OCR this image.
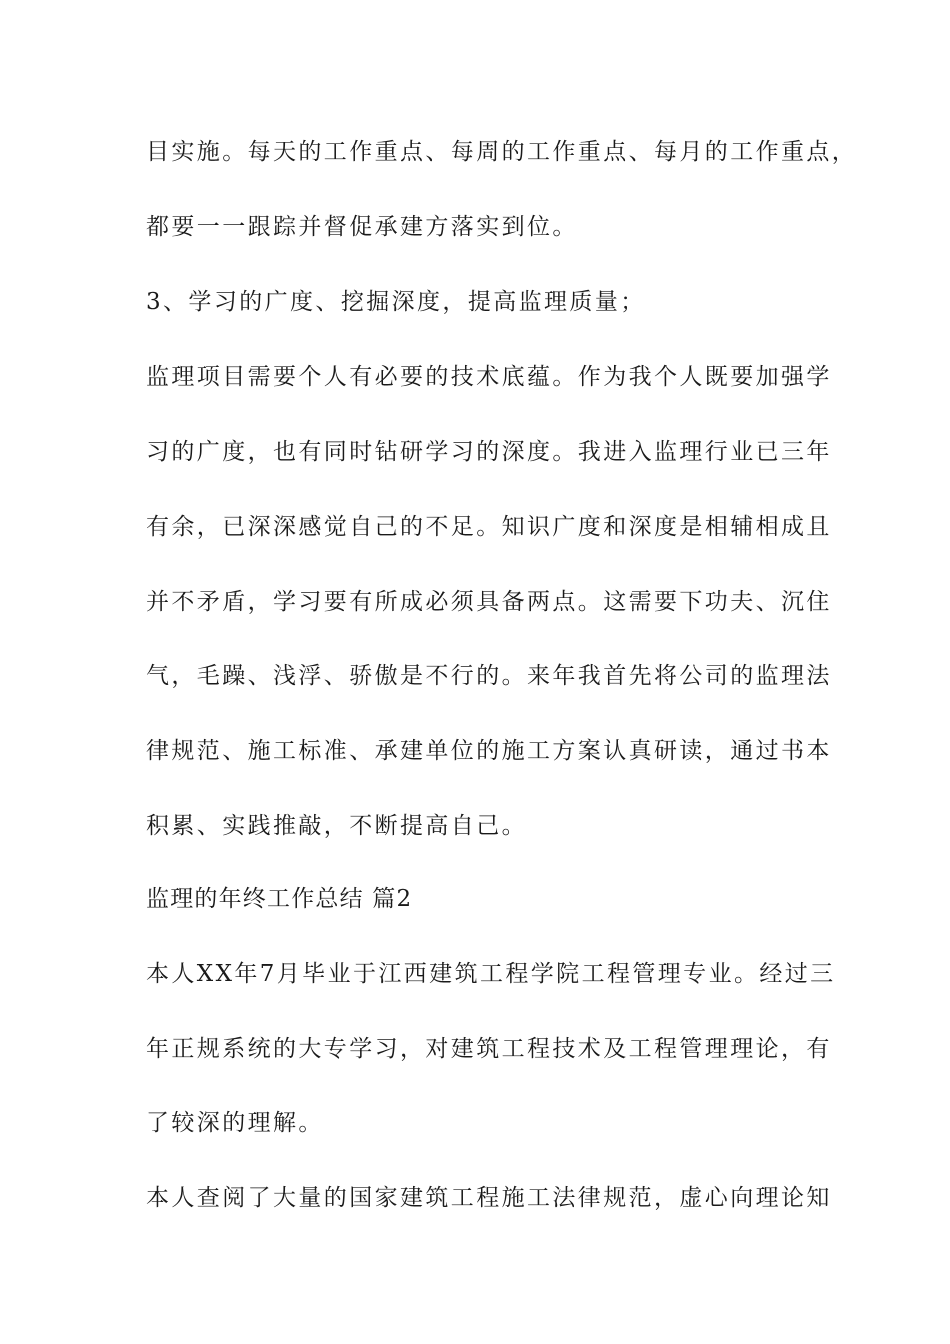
目实施。每天的工作重点、每周的工作重点、每月的工作重点，
都要一一跟踪并督促承建方落实到位。
3、学习的广度、挖掘深度，提高监理质量；
监理项目需要个人有必要的技术底蕴。作为我个人既要加强学
习的广度，也有同时钻研学习的深度。我进入监理行业已三年
有余，已深深感觉自己的不足。知识广度和深度是相辅相成且
并不矛盾，学习要有所成必须具备两点。这需要下功夫、沉住
气，毛躁、浅浮、骄傲是不行的。来年我首先将公司的监理法
律规范、施工标准、承建单位的施工方案认真研读，通过书本
积累、实践推敲，不断提高自己。
监理的年终工作总结 篇2
本人XX年7月毕业于江西建筑工程学院工程管理专业。经过三
年正规系统的大专学习，对建筑工程技术及工程管理理论，有
了较深的理解。
本人查阅了大量的国家建筑工程施工法律规范，虚心向理论知
